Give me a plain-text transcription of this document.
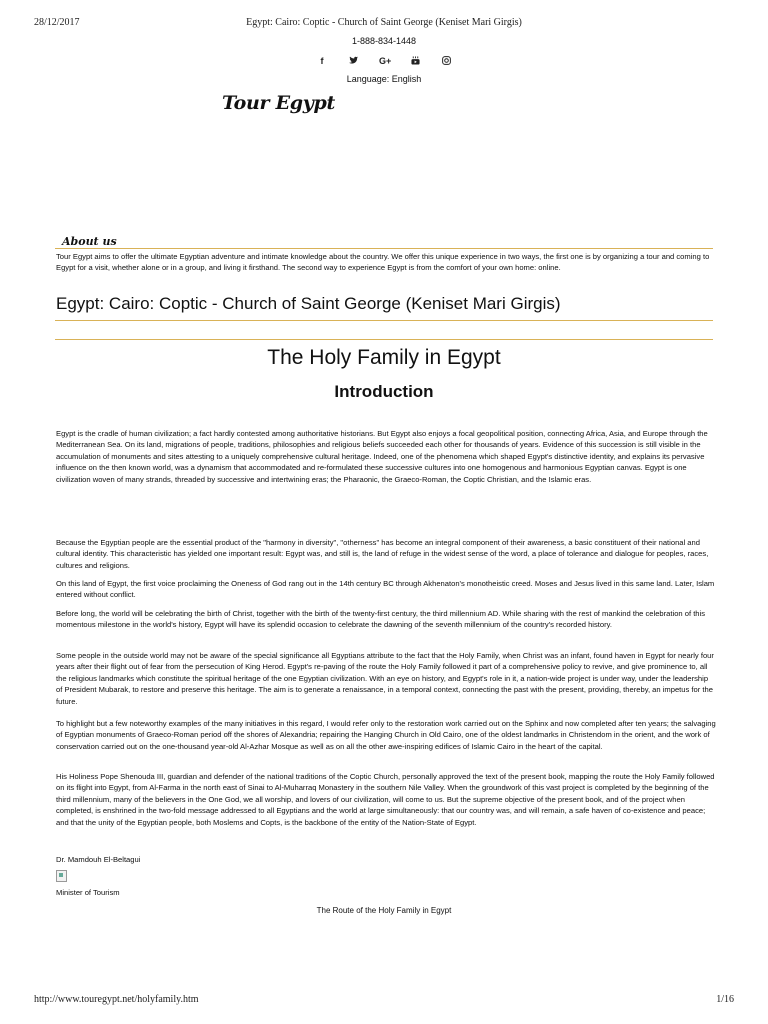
28/12/2017	Egypt: Cairo: Coptic - Church of Saint George (Keniset Mari Girgis)
1-888-834-1448
f	G+
Language: English
Tour Egypt
About us
Tour Egypt aims to offer the ultimate Egyptian adventure and intimate knowledge about the country. We offer this unique experience in two ways, the first one is by organizing a tour and coming to Egypt for a visit, whether alone or in a group, and living it firsthand. The second way to experience Egypt is from the comfort of your own home: online.
Egypt: Cairo: Coptic - Church of Saint George (Keniset Mari Girgis)
The Holy Family in Egypt
Introduction

Egypt is the cradle of human civilization; a fact hardly contested among authoritative historians. But Egypt also enjoys a focal geopolitical position, connecting Africa, Asia, and Europe through the Mediterranean Sea. On its land, migrations of people, traditions, philosophies and religious beliefs succeeded each other for thousands of years. Evidence of this succession is still visible in the accumulation of monuments and sites attesting to a uniquely comprehensive cultural heritage. Indeed, one of the phenomena which shaped Egypt's distinctive identity, and explains its pervasive influence on the then known world, was a dynamism that accommodated and re-formulated these successive cultures into one homogenous and harmonious Egyptian canvas. Egypt is one civilization woven of many strands, threaded by successive and intertwining eras; the Pharaonic, the Graeco-Roman, the Coptic Christian, and the Islamic eras.

Because the Egyptian people are the essential product of the "harmony in diversity", "otherness" has become an integral component of their awareness, a basic constituent of their national and cultural identity. This characteristic has yielded one important result: Egypt was, and still is, the land of refuge in the widest sense of the word, a place of tolerance and dialogue for peoples, races, cultures and religions.

On this land of Egypt, the first voice proclaiming the Oneness of God rang out in the 14th century BC through Akhenaton's monotheistic creed. Moses and Jesus lived in this same land. Later, Islam entered without conflict.

Before long, the world will be celebrating the birth of Christ, together with the birth of the twenty-first century, the third millennium AD. While sharing with the rest of mankind the celebration of this momentous milestone in the world's history, Egypt will have its splendid occasion to celebrate the dawning of the seventh millennium of the country's recorded history.

Some people in the outside world may not be aware of the special significance all Egyptians attribute to the fact that the Holy Family, when Christ was an infant, found haven in Egypt for nearly four years after their flight out of fear from the persecution of King Herod. Egypt's re-paving of the route the Holy Family followed it part of a comprehensive policy to revive, and give prominence to, all the religious landmarks which constitute the spiritual heritage of the one Egyptian civilization. With an eye on history, and Egypt's role in it, a nation-wide project is under way, under the leadership of President Mubarak, to restore and preserve this heritage. The aim is to generate a renaissance, in a temporal context, connecting the past with the present, providing, thereby, an impetus for the future.

To highlight but a few noteworthy examples of the many initiatives in this regard, I would refer only to the restoration work carried out on the Sphinx and now completed after ten years; the salvaging of Egyptian monuments of Graeco-Roman period off the shores of Alexandria; repairing the Hanging Church in Old Cairo, one of the oldest landmarks in Christendom in the orient, and the work of conservation carried out on the one-thousand year-old Al-Azhar Mosque as well as on all the other awe-inspiring edifices of Islamic Cairo in the heart of the capital.

His Holiness Pope Shenouda III, guardian and defender of the national traditions of the Coptic Church, personally approved the text of the present book, mapping the route the Holy Family followed on its flight into Egypt, from Al-Farma in the north east of Sinai to Al-Muharraq Monastery in the southern Nile Valley. When the groundwork of this vast project is completed by the beginning of the third millennium, many of the believers in the One God, we all worship, and lovers of our civilization, will come to us. But the supreme objective of the present book, and of the project when completed, is enshrined in the two-fold message addressed to all Egyptians and the world at large simultaneously: that our country was, and will remain, a safe haven of co-existence and peace; and that the unity of the Egyptian people, both Moslems and Copts, is the backbone of the entity of the Nation-State of Egypt.

Dr. Mamdouh El-Beltagui
Minister of Tourism
The Route of the Holy Family in Egypt
http://www.touregypt.net/holyfamily.htm	1/16
